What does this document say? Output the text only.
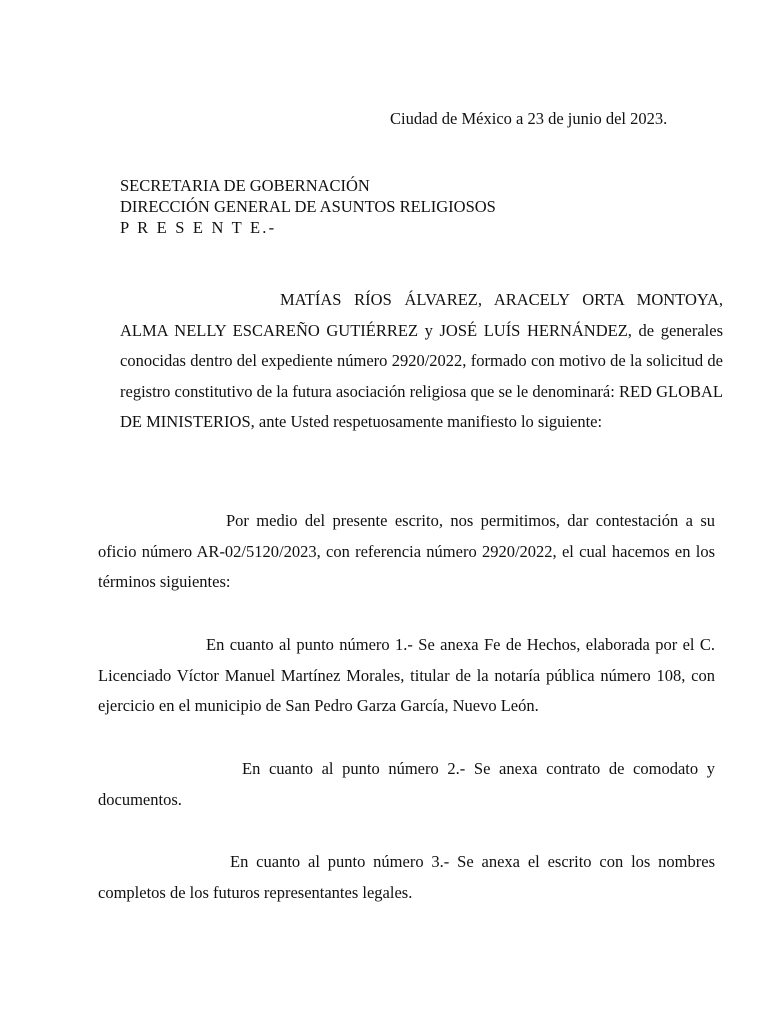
Ciudad de México a 23 de junio del 2023.
SECRETARIA DE GOBERNACIÓN
DIRECCIÓN GENERAL DE ASUNTOS RELIGIOSOS
P R E S E N T E.-

MATÍAS RÍOS ÁLVAREZ, ARACELY ORTA MONTOYA, ALMA NELLY ESCAREÑO GUTIÉRREZ y JOSÉ LUÍS HERNÁNDEZ, de generales conocidas dentro del expediente número 2920/2022, formado con motivo de la solicitud de registro constitutivo de la futura asociación religiosa que se le denominará: RED GLOBAL DE MINISTERIOS, ante Usted respetuosamente manifiesto lo siguiente:

Por medio del presente escrito, nos permitimos, dar contestación a su oficio número AR-02/5120/2023, con referencia número 2920/2022, el cual hacemos en los términos siguientes:

En cuanto al punto número 1.- Se anexa Fe de Hechos, elaborada por el C. Licenciado Víctor Manuel Martínez Morales, titular de la notaría pública número 108, con ejercicio en el municipio de San Pedro Garza García, Nuevo León.

En cuanto al punto número 2.- Se anexa contrato de comodato y documentos.

En cuanto al punto número 3.- Se anexa el escrito con los nombres completos de los futuros representantes legales.
